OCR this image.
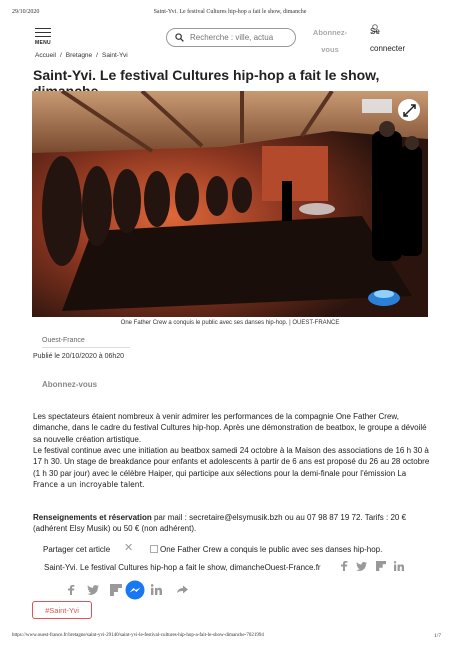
29/10/2020	Saint-Yvi. Le festival Cultures hip-hop a fait le show, dimanche
MENU
Recherche : ville, actua
Abonnez-
vous
Se
connecter
Accueil / Bretagne / Saint-Yvi
Saint-Yvi. Le festival Cultures hip-hop a fait le show,
One Father Crew a conquis le public avec ses danses hip-hop. | OUEST-FRANCE
Ouest-France
Publié le 20/10/2020 à 06h20
Abonnez-vous

Les spectateurs étaient nombreux à venir admirer les performances de la compagnie One Father Crew, dimanche, dans le cadre du festival Cultures hip-hop. Après une démonstration de beatbox, le groupe a dévoilé sa nouvelle création artistique.

Le festival continue avec une initiation au beatbox samedi 24 octobre à la Maison des associations de 16 h 30 à 17 h 30. Un stage de breakdance pour enfants et adolescents à partir de 6 ans est proposé du 26 au 28 octobre (1 h 30 par jour) avec le célèbre Haiper, qui participe aux sélections pour la demi-finale pour l'émission La France a un incroyable talent.

Renseignements et réservation par mail : secretaire@elsymusik.bzh ou au 07 98 87 19 72. Tarifs : 20 € (adhérent Elsy Musik) ou 50 € (non adhérent).

Partager cet article ✕	One Father Crew a conquis le public avec ses danses hip-hop.
Saint-Yvi. Le festival Cultures hip-hop a fait le show, dimancheOuest-France.fr
#Saint-Yvi
https://www.ouest-france.fr/bretagne/saint-yvi-29140/saint-yvi-le-festival-cultures-hip-hop-a-fait-le-show-dimanche-7021994	1/7
